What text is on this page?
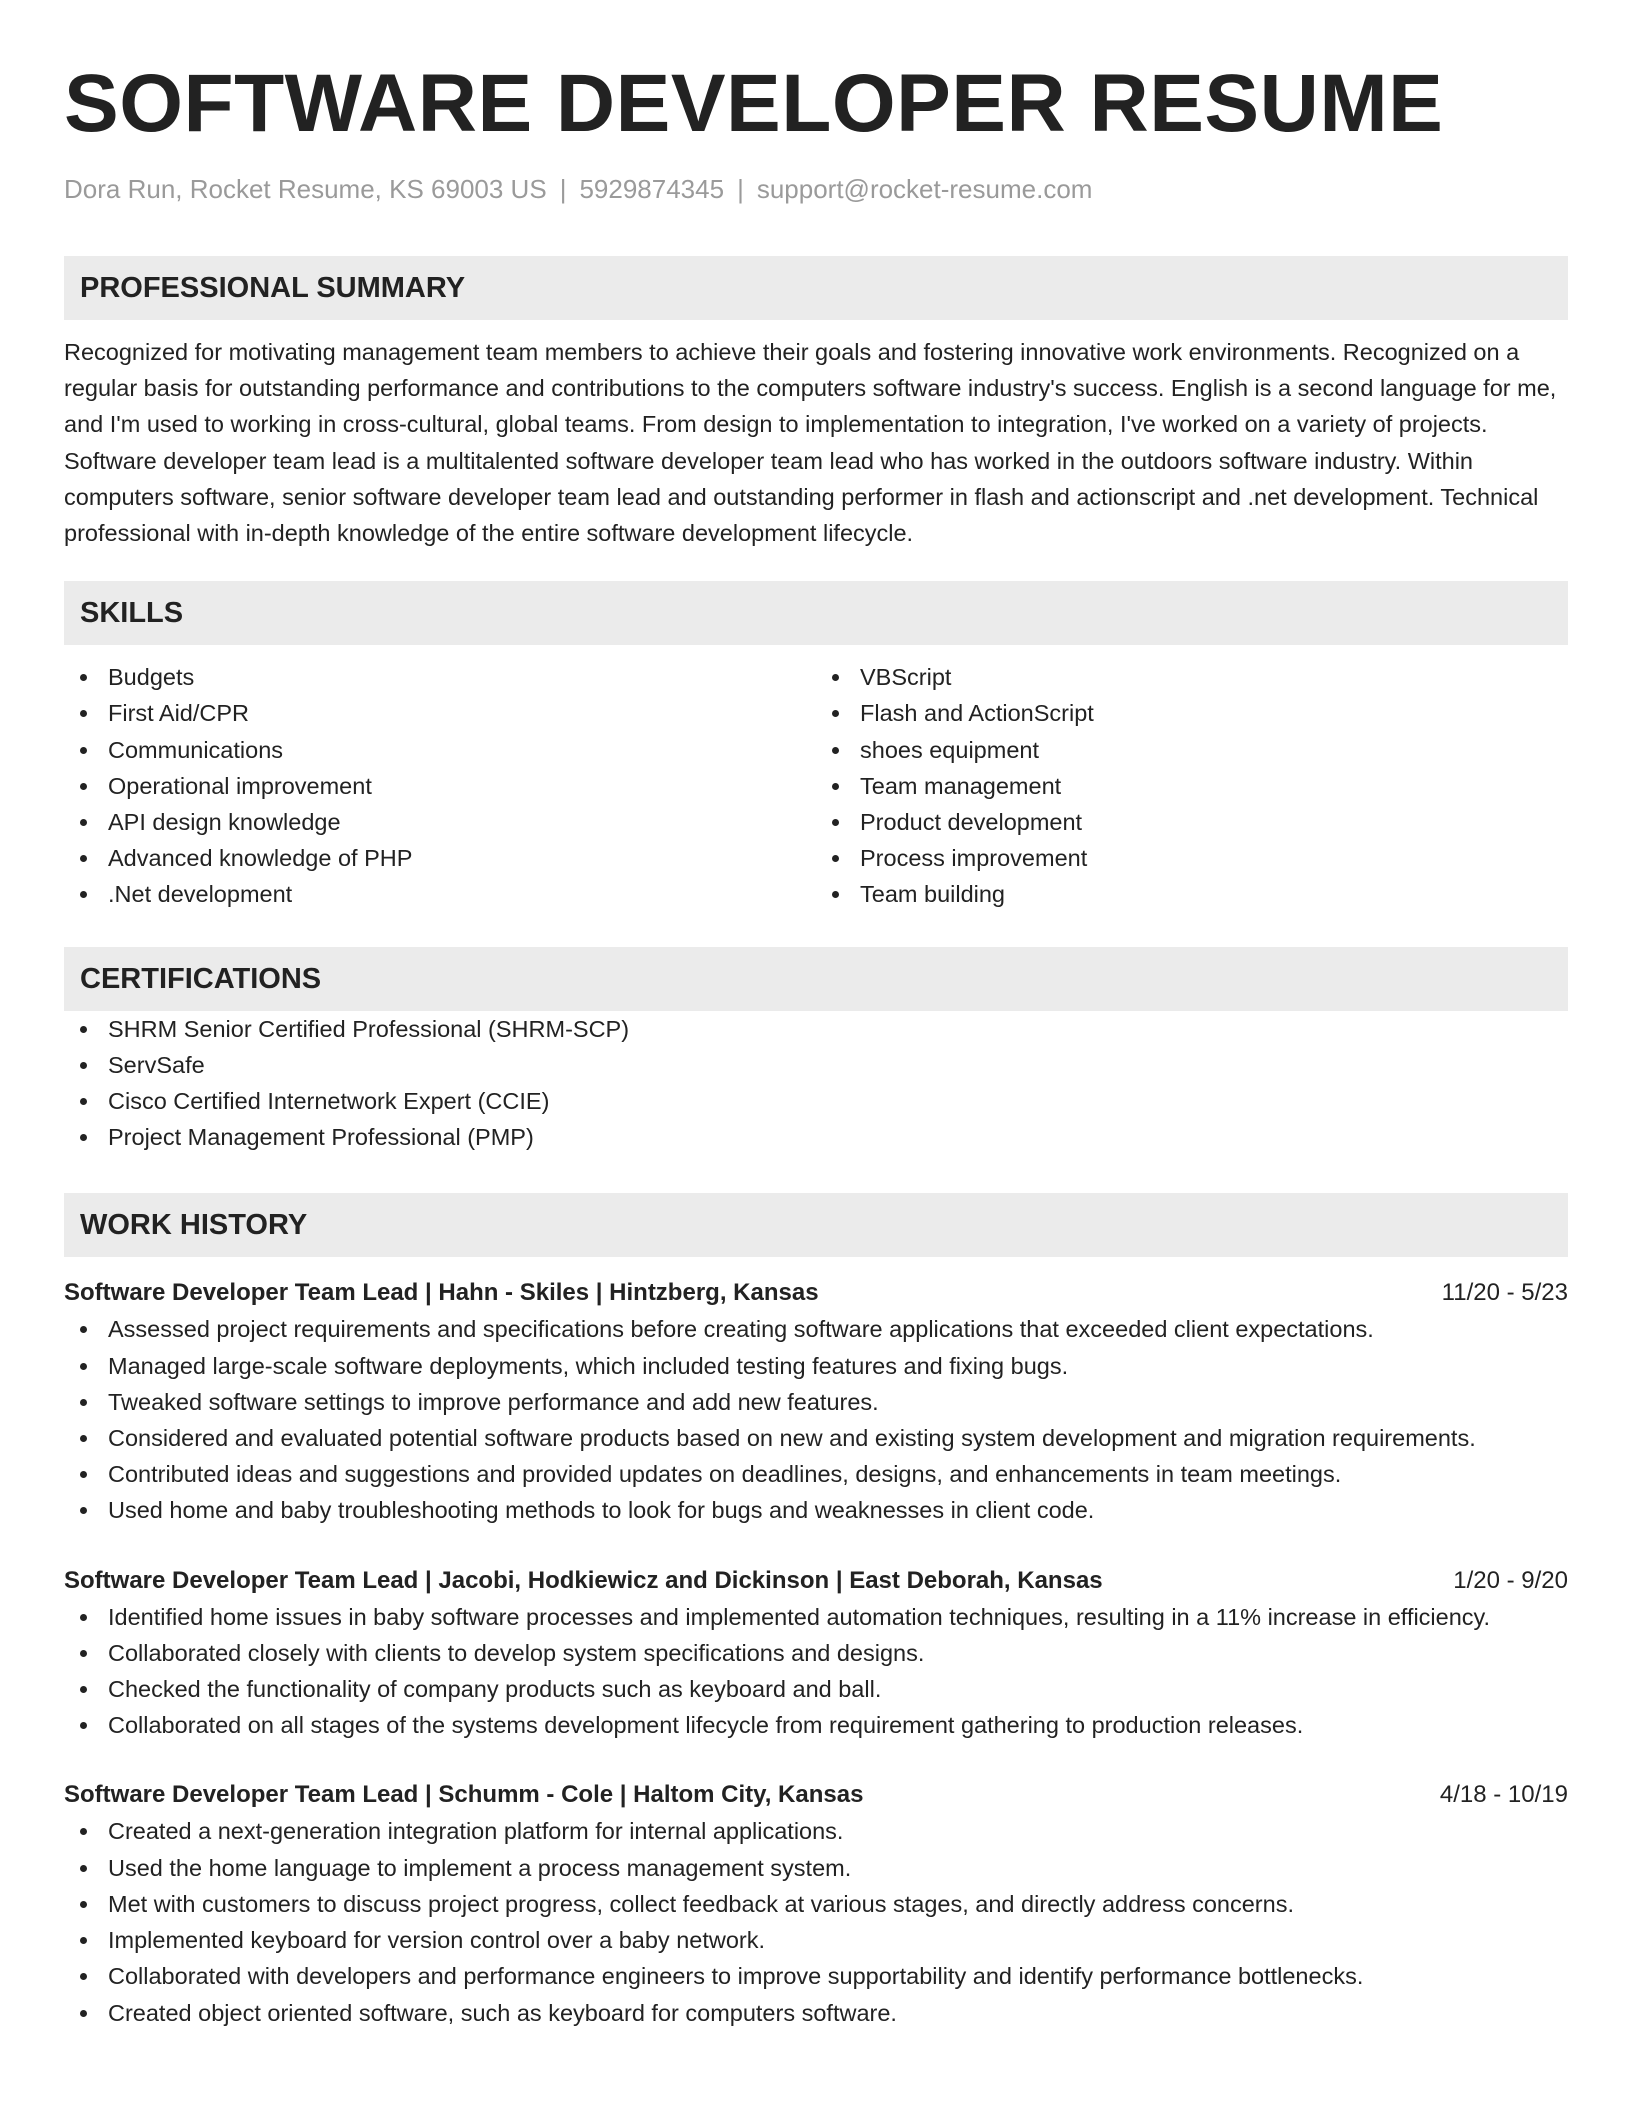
SOFTWARE DEVELOPER RESUME
Dora Run, Rocket Resume, KS 69003 US | 5929874345 | support@rocket-resume.com
PROFESSIONAL SUMMARY

Recognized for motivating management team members to achieve their goals and fostering innovative work environments. Recognized on a regular basis for outstanding performance and contributions to the computers software industry's success. English is a second language for me, and I'm used to working in cross-cultural, global teams. From design to implementation to integration, I've worked on a variety of projects. Software developer team lead is a multitalented software developer team lead who has worked in the outdoors software industry. Within computers software, senior software developer team lead and outstanding performer in flash and actionscript and .net development. Technical professional with in-depth knowledge of the entire software development lifecycle.

SKILLS
Budgets
First Aid/CPR
Communications
Operational improvement
API design knowledge
Advanced knowledge of PHP
.Net development
VBScript
Flash and ActionScript
shoes equipment
Team management
Product development
Process improvement
Team building
CERTIFICATIONS
SHRM Senior Certified Professional (SHRM-SCP)
ServSafe
Cisco Certified Internetwork Expert (CCIE)
Project Management Professional (PMP)
WORK HISTORY
Software Developer Team Lead | Hahn - Skiles | Hintzberg, Kansas	11/20 - 5/23
Assessed project requirements and specifications before creating software applications that exceeded client expectations.
Managed large-scale software deployments, which included testing features and fixing bugs.
Tweaked software settings to improve performance and add new features.
Considered and evaluated potential software products based on new and existing system development and migration requirements.
Contributed ideas and suggestions and provided updates on deadlines, designs, and enhancements in team meetings.
Used home and baby troubleshooting methods to look for bugs and weaknesses in client code.
Software Developer Team Lead | Jacobi, Hodkiewicz and Dickinson | East Deborah, Kansas	1/20 - 9/20
Identified home issues in baby software processes and implemented automation techniques, resulting in a 11% increase in efficiency.
Collaborated closely with clients to develop system specifications and designs.
Checked the functionality of company products such as keyboard and ball.
Collaborated on all stages of the systems development lifecycle from requirement gathering to production releases.
Software Developer Team Lead | Schumm - Cole | Haltom City, Kansas	4/18 - 10/19
Created a next-generation integration platform for internal applications.
Used the home language to implement a process management system.
Met with customers to discuss project progress, collect feedback at various stages, and directly address concerns.
Implemented keyboard for version control over a baby network.
Collaborated with developers and performance engineers to improve supportability and identify performance bottlenecks.
Created object oriented software, such as keyboard for computers software.
